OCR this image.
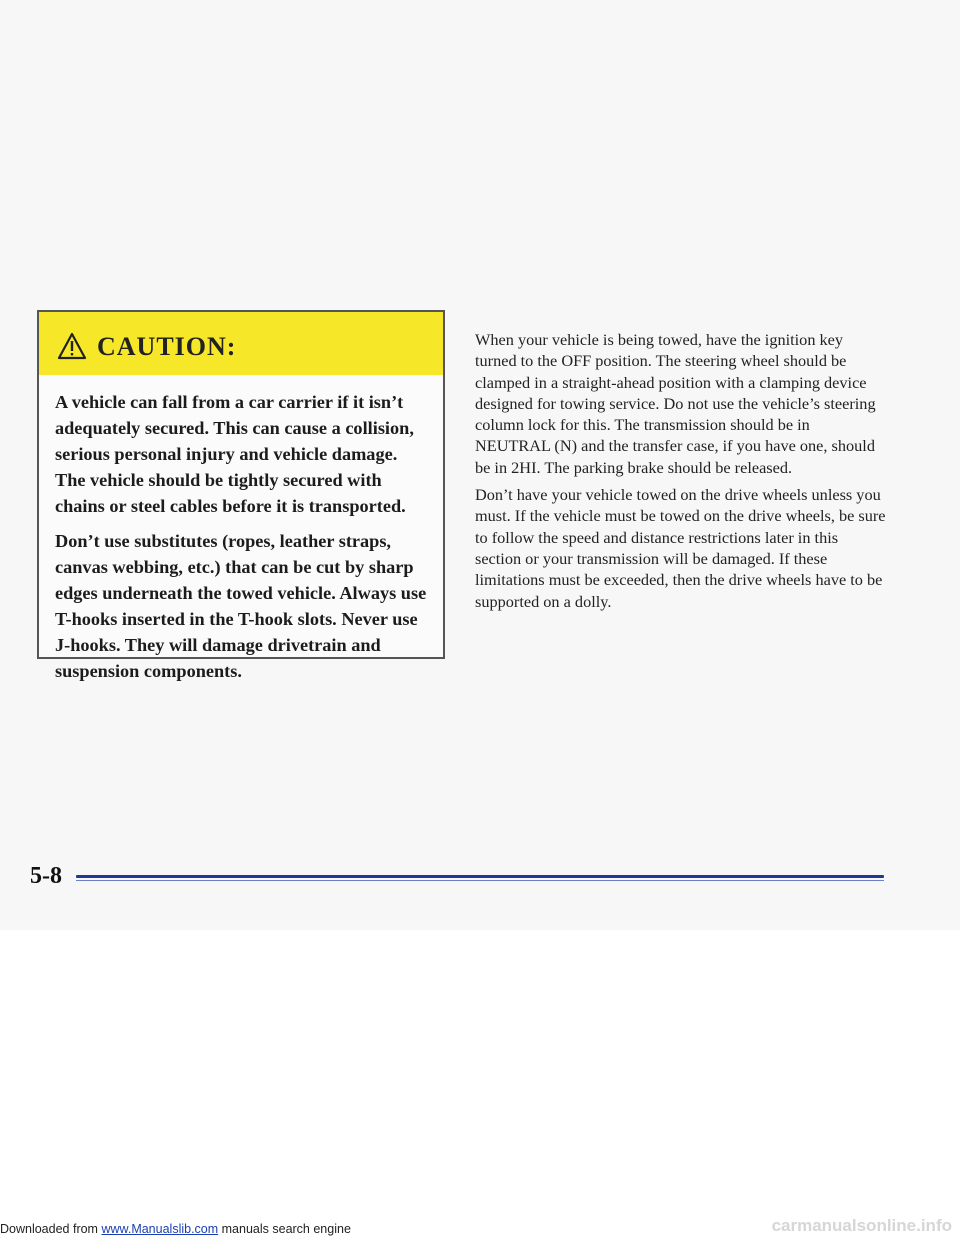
CAUTION:

A vehicle can fall from a car carrier if it isn’t adequately secured. This can cause a collision, serious personal injury and vehicle damage. The vehicle should be tightly secured with chains or steel cables before it is transported.

Don’t use substitutes (ropes, leather straps, canvas webbing, etc.) that can be cut by sharp edges underneath the towed vehicle. Always use T-hooks inserted in the T-hook slots. Never use J-hooks. They will damage drivetrain and suspension components.

When your vehicle is being towed, have the ignition key turned to the OFF position. The steering wheel should be clamped in a straight-ahead position with a clamping device designed for towing service. Do not use the vehicle’s steering column lock for this. The transmission should be in NEUTRAL (N) and the transfer case, if you have one, should be in 2HI. The parking brake should be released.

Don’t have your vehicle towed on the drive wheels unless you must. If the vehicle must be towed on the drive wheels, be sure to follow the speed and distance restrictions later in this section or your transmission will be damaged. If these limitations must be exceeded, then the drive wheels have to be supported on a dolly.

5-8
Downloaded from www.Manualslib.com manuals search engine	carmanualsonline.info
